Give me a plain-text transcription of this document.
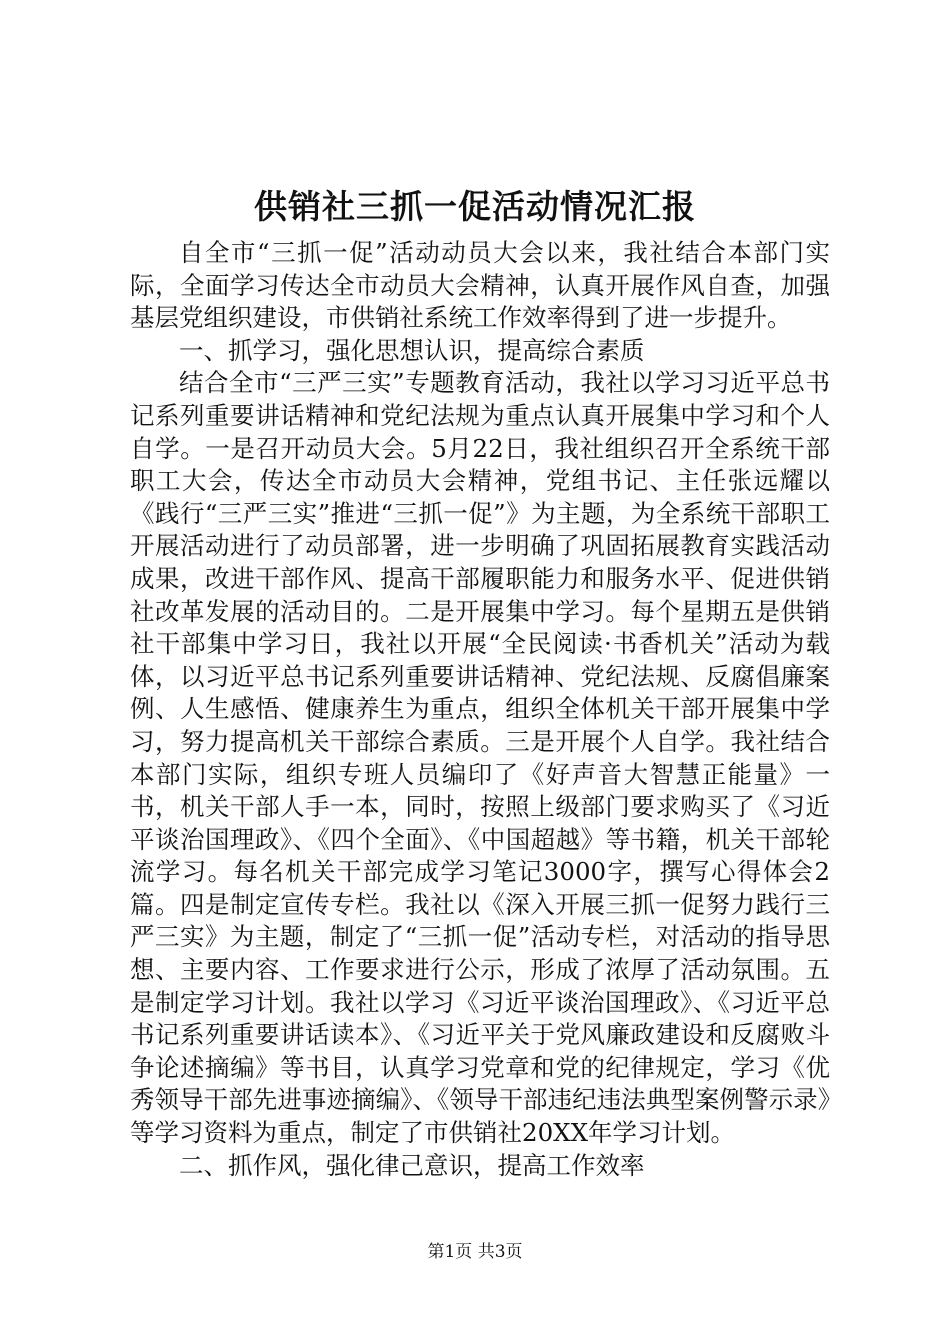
供销社三抓一促活动情况汇报

自全市“三抓一促”活动动员大会以来，我社结合本部门实际，全面学习传达全市动员大会精神，认真开展作风自查，加强基层党组织建设，市供销社系统工作效率得到了进一步提升。

一、抓学习，强化思想认识，提高综合素质

结合全市“三严三实”专题教育活动，我社以学习习近平总书记系列重要讲话精神和党纪法规为重点认真开展集中学习和个人自学。一是召开动员大会。5月22日，我社组织召开全系统干部职工大会，传达全市动员大会精神，党组书记、主任张远耀以《践行“三严三实”推进“三抓一促”》为主题，为全系统干部职工开展活动进行了动员部署，进一步明确了巩固拓展教育实践活动成果，改进干部作风、提高干部履职能力和服务水平、促进供销社改革发展的活动目的。二是开展集中学习。每个星期五是供销社干部集中学习日，我社以开展“全民阅读·书香机关”活动为载体，以习近平总书记系列重要讲话精神、党纪法规、反腐倡廉案例、人生感悟、健康养生为重点，组织全体机关干部开展集中学习，努力提高机关干部综合素质。三是开展个人自学。我社结合本部门实际，组织专班人员编印了《好声音大智慧正能量》一书，机关干部人手一本，同时，按照上级部门要求购买了《习近平谈治国理政》、《四个全面》、《中国超越》等书籍，机关干部轮流学习。每名机关干部完成学习笔记3000字，撰写心得体会2篇。四是制定宣传专栏。我社以《深入开展三抓一促努力践行三严三实》为主题，制定了“三抓一促”活动专栏，对活动的指导思想、主要内容、工作要求进行公示，形成了浓厚了活动氛围。五是制定学习计划。我社以学习《习近平谈治国理政》、《习近平总书记系列重要讲话读本》、《习近平关于党风廉政建设和反腐败斗争论述摘编》等书目，认真学习党章和党的纪律规定，学习《优秀领导干部先进事迹摘编》、《领导干部违纪违法典型案例警示录》等学习资料为重点，制定了市供销社20XX年学习计划。

二、抓作风，强化律己意识，提高工作效率

第1页 共3页
